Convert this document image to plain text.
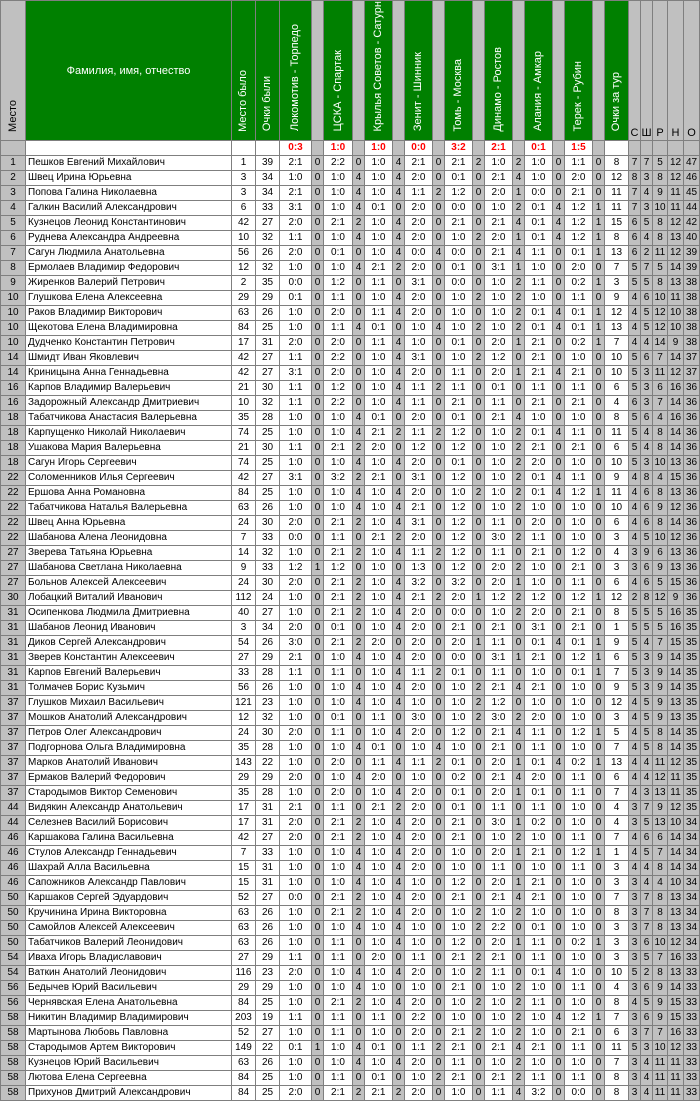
Место	Фамилия, имя, отчество	Место было	Очки были	Локомотив - Торпедо		ЦСКА - Спартак		Крылья Советов - Сатурн		Зенит - Шинник		Томь - Москва		Динамо - Ростов		Алания - Амкар		Терек - Рубин		Очки за тур	С	Ш	Р	Н	О
				0:3		1:0		1:0		0:0		3:2		2:1		0:1		1:5							
1	Пешков Евгений Михайлович	1	39	2:1	0	2:2	0	1:0	4	2:1	0	2:1	2	1:0	2	1:0	0	1:1	0	8	7	7	5	12	47
2	Швец Ирина Юрьевна	3	34	1:0	0	1:0	4	1:0	4	2:0	0	0:1	0	2:1	4	1:0	0	2:0	0	12	8	3	8	12	46
3	Попова Галина Николаевна	3	34	2:1	0	1:0	4	1:0	4	1:1	2	1:2	0	2:0	1	0:0	0	2:1	0	11	7	4	9	11	45
4	Галкин Василий Александрович	6	33	3:1	0	1:0	4	0:1	0	2:0	0	0:0	0	1:0	2	0:1	4	1:2	1	11	7	3	10	11	44
5	Кузнецов Леонид Константинович	42	27	2:0	0	2:1	2	1:0	4	2:0	0	2:1	0	2:1	4	0:1	4	1:2	1	15	6	5	8	12	42
6	Руднева Александра Андреевна	10	32	1:1	0	1:0	4	1:0	4	2:0	0	1:0	2	2:0	1	0:1	4	1:2	1	8	6	4	8	13	40
7	Сагун Людмила Анатольевна	56	26	2:0	0	0:1	0	1:0	4	0:0	4	0:0	0	2:1	4	1:1	0	0:1	1	13	6	2	11	12	39
8	Ермолаев Владимир Федорович	12	32	1:0	0	1:0	4	2:1	2	2:0	0	0:1	0	3:1	1	1:0	0	2:0	0	7	5	7	5	14	39
9	Жиренков Валерий Петрович	2	35	0:0	0	1:2	0	1:1	0	3:1	0	0:0	0	1:0	2	1:1	0	0:2	1	3	5	5	8	13	38
10	Глушкова Елена Алексеевна	29	29	0:1	0	1:1	0	1:0	4	2:0	0	1:0	2	1:0	2	1:0	0	1:1	0	9	4	6	10	11	38
10	Раков Владимир Викторович	63	26	1:0	0	2:0	0	1:1	4	2:0	0	1:0	0	1:0	2	0:1	4	0:1	1	12	4	5	12	10	38
10	Щекотова Елена Владимировна	84	25	1:0	0	1:1	4	0:1	0	1:0	4	1:0	2	1:0	2	0:1	4	0:1	1	13	4	5	12	10	38
10	Дудченко Константин Петрович	17	31	2:0	0	2:0	0	1:1	4	1:0	0	0:1	0	2:0	1	2:1	0	0:2	1	7	4	4	14	9	38
14	Шмидт Иван Яковлевич	42	27	1:1	0	2:2	0	1:0	4	3:1	0	1:0	2	1:2	0	2:1	0	1:0	0	10	5	6	7	14	37
14	Криницына Анна Геннадьевна	42	27	3:1	0	2:0	0	1:0	4	2:0	0	1:1	0	2:0	1	2:1	4	2:1	0	10	5	3	11	12	37
16	Карпов Владимир Валерьевич	21	30	1:1	0	1:2	0	1:0	4	1:1	2	1:1	0	0:1	0	1:1	0	1:1	0	6	5	3	6	16	36
16	Задорожный Александр Дмитриевич	10	32	1:1	0	2:2	0	1:0	4	1:1	0	2:1	0	1:1	0	2:1	0	2:1	0	4	6	3	7	14	36
18	Табатчикова Анастасия Валерьевна	35	28	1:0	0	1:0	4	0:1	0	2:0	0	0:1	0	2:1	4	1:0	0	1:0	0	8	5	6	4	16	36
18	Карпущенко Николай Николаевич	74	25	1:0	0	1:0	4	2:1	2	1:1	2	1:2	0	1:0	2	0:1	4	1:1	0	11	5	4	8	14	36
18	Ушакова Мария Валерьевна	21	30	1:1	0	2:1	2	2:0	0	1:2	0	1:2	0	1:0	2	2:1	0	2:1	0	6	5	4	8	14	36
18	Сагун Игорь Сергеевич	74	25	1:0	0	1:0	4	1:0	4	2:0	0	0:1	0	1:0	2	2:0	0	1:0	0	10	5	3	10	13	36
22	Соломенников Илья Сергеевич	42	27	3:1	0	3:2	2	2:1	0	3:1	0	1:2	0	1:0	2	0:1	4	1:1	0	9	4	8	4	15	36
22	Ершова Анна Романовна	84	25	1:0	0	1:0	4	1:0	4	2:0	0	1:0	2	1:0	2	0:1	4	1:2	1	11	4	6	8	13	36
22	Табатчикова Наталья Валерьевна	63	26	1:0	0	1:0	4	1:0	4	2:1	0	1:2	0	1:0	2	1:0	0	1:0	0	10	4	6	9	12	36
22	Швец Анна Юрьевна	24	30	2:0	0	2:1	2	1:0	4	3:1	0	1:2	0	1:1	0	2:0	0	1:0	0	6	4	6	8	14	36
22	Шабанова Алена Леонидовна	7	33	0:0	0	1:1	0	2:1	2	2:0	0	1:2	0	3:0	2	1:1	0	1:0	0	3	4	5	10	12	36
27	Зверева Татьяна Юрьевна	14	32	1:0	0	2:1	2	1:0	4	1:1	2	1:2	0	1:1	0	2:1	0	1:2	0	4	3	9	6	13	36
27	Шабанова Светлана Николаевна	9	33	1:2	1	1:2	0	1:0	0	1:3	0	1:2	0	2:0	2	1:0	0	2:1	0	3	3	6	9	13	36
27	Больнов Алексей Алексеевич	24	30	2:0	0	2:1	2	1:0	4	3:2	0	3:2	0	2:0	1	1:0	0	1:1	0	6	4	6	5	15	36
30	Лобацкий Виталий Иванович	112	24	1:0	0	2:1	2	1:0	4	2:1	2	2:0	1	1:2	2	1:2	0	1:2	1	12	2	8	12	9	36
31	Осипенкова Людмила Дмитриевна	40	27	1:0	0	2:1	2	1:0	4	2:0	0	0:0	0	1:0	2	2:0	0	2:1	0	8	5	5	5	16	35
31	Шабанов Леонид Иванович	3	34	2:0	0	0:1	0	1:0	4	2:0	0	2:1	0	2:1	0	3:1	0	2:1	0	1	5	5	5	16	35
31	Диков Сергей Александрович	54	26	3:0	0	2:1	2	2:0	0	2:0	0	2:0	1	1:1	0	0:1	4	0:1	1	9	5	4	7	15	35
31	Зверев Константин Алексеевич	27	29	2:1	0	1:0	4	1:0	4	2:0	0	0:0	0	3:1	1	2:1	0	1:2	1	6	5	3	9	14	35
31	Карпов Евгений Валерьевич	33	28	1:1	0	1:1	0	1:0	4	1:1	2	0:1	0	1:1	0	1:0	0	0:1	1	7	5	3	9	14	35
31	Толмачев Борис Кузьмич	56	26	1:0	0	1:0	4	1:0	4	2:0	0	1:0	2	2:1	4	2:1	0	1:0	0	9	5	3	9	14	35
37	Глушков Михаил Васильевич	121	23	1:0	0	1:0	4	1:0	4	1:0	0	1:0	2	1:2	0	1:0	0	1:0	0	12	4	5	9	13	35
37	Мошков Анатолий Александрович	12	32	1:0	0	0:1	0	1:1	0	3:0	0	1:0	2	3:0	2	2:0	0	1:0	0	3	4	5	9	13	35
37	Петров Олег Александрович	24	30	2:0	0	1:1	0	1:0	4	2:0	0	1:2	0	2:1	4	1:1	0	1:2	1	5	4	5	8	14	35
37	Подгорнова Ольга Владимировна	35	28	1:0	0	1:0	4	0:1	0	1:0	4	1:0	0	2:1	0	1:1	0	1:0	0	7	4	5	8	14	35
37	Марков Анатолий Иванович	143	22	1:0	0	2:0	0	1:1	4	1:1	2	0:1	0	2:0	1	0:1	4	0:2	1	13	4	4	11	12	35
37	Ермаков Валерий Федорович	29	29	2:0	0	1:0	4	2:0	0	1:0	0	0:2	0	2:1	4	2:0	0	1:1	0	6	4	4	12	11	35
37	Стародымов Виктор Семенович	35	28	1:0	0	2:0	0	1:0	4	2:0	0	0:1	0	2:0	1	0:1	0	1:1	0	7	4	3	13	11	35
44	Видякин Александр Анатольевич	17	31	2:1	0	1:1	0	2:1	2	2:0	0	0:1	0	1:1	0	1:1	0	1:0	0	4	3	7	9	12	35
44	Селезнев Василий Борисович	17	31	2:0	0	2:1	2	1:0	4	2:0	0	2:1	0	3:0	1	0:2	0	1:0	0	4	3	5	13	10	34
46	Каршакова Галина Васильевна	42	27	2:0	0	2:1	2	1:0	4	2:0	0	2:1	0	1:0	2	1:0	0	1:1	0	7	4	6	6	14	34
46	Стулов Александр Геннадьевич	7	33	1:0	0	1:0	4	1:0	4	2:0	0	1:0	0	2:0	1	2:1	0	1:2	1	1	4	5	7	14	34
46	Шахрай Алла Васильевна	15	31	1:0	0	1:0	4	1:0	4	2:0	0	1:0	0	1:1	0	1:0	0	1:1	0	3	4	4	8	14	34
46	Сапожников Александр Павлович	15	31	1:0	0	1:0	4	1:0	4	1:0	0	1:2	0	2:0	1	2:1	0	1:0	0	3	3	4	4	10	34
50	Каршаков Сергей Эдуардович	52	27	0:0	0	2:1	2	1:0	4	2:0	0	2:1	0	2:1	4	2:1	0	1:0	0	7	3	7	8	13	34
50	Кручинина Ирина Викторовна	63	26	1:0	0	2:1	2	1:0	4	2:0	0	1:0	2	1:0	2	1:0	0	1:0	0	8	3	7	8	13	34
50	Самойлов Алексей Алексеевич	63	26	1:0	0	1:0	4	1:0	4	1:0	0	1:0	2	2:2	0	0:1	0	1:0	0	3	3	7	8	13	34
50	Табатчиков Валерий Леонидович	63	26	1:0	0	1:1	0	1:0	4	1:0	0	1:2	0	2:0	1	1:1	0	0:2	1	3	3	6	10	12	34
54	Иваха Игорь Владиславович	27	29	1:1	0	1:1	0	2:0	0	1:1	0	2:1	2	2:1	0	1:1	0	1:0	0	3	3	5	7	16	33
54	Ваткин Анатолий Леонидович	116	23	2:0	0	1:0	4	1:0	4	2:0	0	1:0	2	1:1	0	0:1	4	1:0	0	10	5	2	8	13	33
56	Бедычев Юрий Васильевич	29	29	1:0	0	1:0	4	1:0	0	1:0	0	2:1	0	1:0	2	1:0	0	1:1	0	4	3	6	9	14	33
56	Чернявская Елена Анатольевна	84	25	1:0	0	2:1	2	1:0	4	2:0	0	1:0	2	1:0	2	1:1	0	1:0	0	8	4	5	9	15	33
58	Никитин Владимир Владимирович	203	19	1:1	0	1:1	0	1:1	0	2:2	0	1:0	0	1:0	2	1:0	4	1:2	1	7	3	6	9	15	33
58	Мартынова Любовь Павловна	52	27	1:0	0	1:1	0	1:0	0	2:0	0	2:1	2	1:0	2	1:0	0	2:1	0	6	3	7	7	16	33
58	Стародымов Артем Викторович	149	22	0:1	1	1:0	4	0:1	0	1:1	2	2:1	0	2:1	4	2:1	0	1:1	0	11	5	3	10	12	33
58	Кузнецов Юрий Васильевич	63	26	1:0	0	1:0	4	1:0	4	2:0	0	1:1	0	1:0	2	1:0	0	1:0	0	7	3	4	11	11	33
58	Лютова Елена Сергеевна	84	25	1:0	0	1:1	0	0:1	0	1:0	2	2:1	0	2:1	2	1:1	0	1:1	0	8	3	4	11	11	33
58	Прихунов Дмитрий Александрович	84	25	2:0	0	2:1	2	2:1	2	2:0	0	1:0	0	1:1	4	3:2	0	0:0	0	8	3	4	11	11	33
